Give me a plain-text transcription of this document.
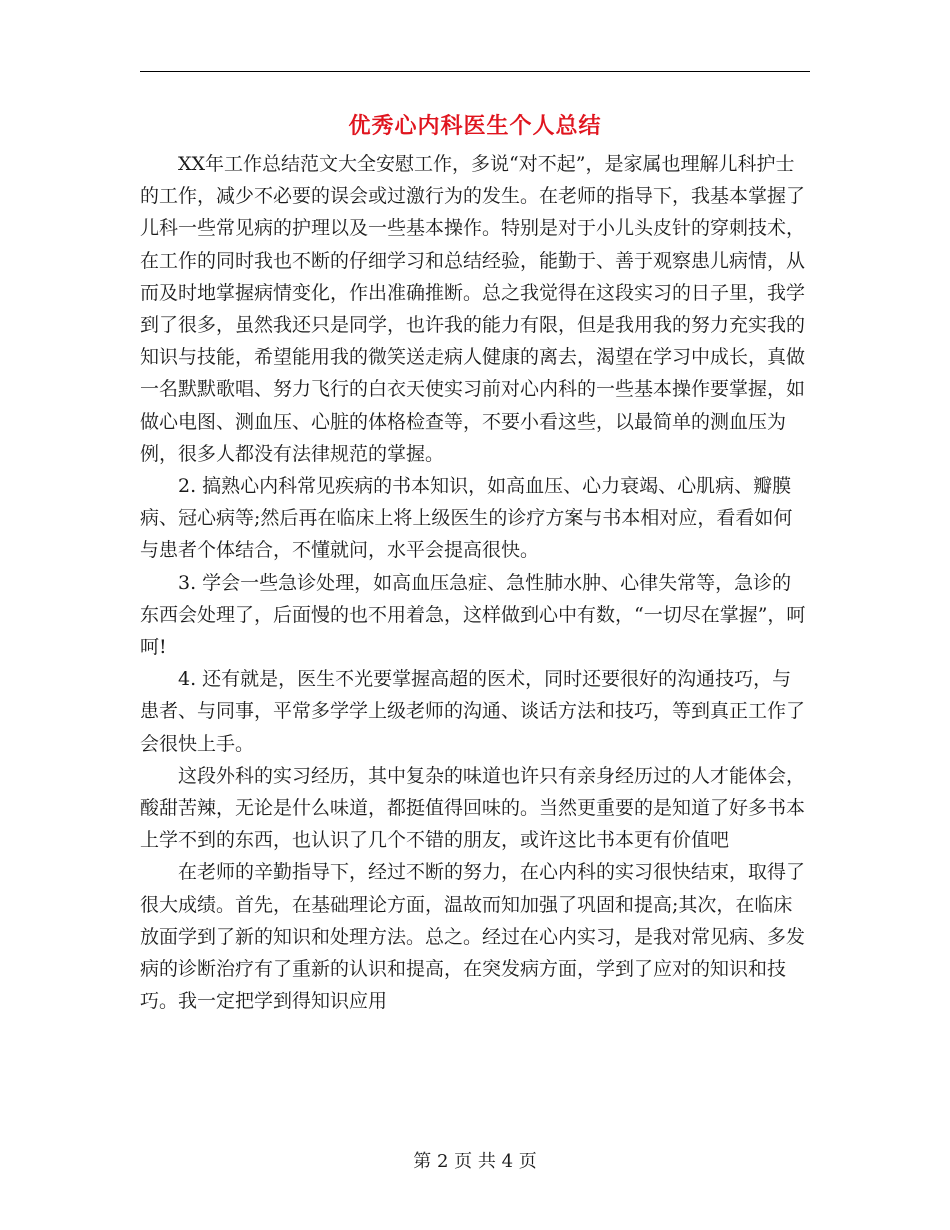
优秀心内科医生个人总结

XX年工作总结范文大全安慰工作，多说“对不起”，是家属也理解儿科护士的工作，减少不必要的误会或过激行为的发生。在老师的指导下，我基本掌握了儿科一些常见病的护理以及一些基本操作。特别是对于小儿头皮针的穿刺技术，在工作的同时我也不断的仔细学习和总结经验，能勤于、善于观察患儿病情，从而及时地掌握病情变化，作出准确推断。总之我觉得在这段实习的日子里，我学到了很多，虽然我还只是同学，也许我的能力有限，但是我用我的努力充实我的知识与技能，希望能用我的微笑送走病人健康的离去，渴望在学习中成长，真做一名默默歌唱、努力飞行的白衣天使实习前对心内科的一些基本操作要掌握，如做心电图、测血压、心脏的体格检查等，不要小看这些，以最简单的测血压为例，很多人都没有法律规范的掌握。

2. 搞熟心内科常见疾病的书本知识，如高血压、心力衰竭、心肌病、瓣膜病、冠心病等;然后再在临床上将上级医生的诊疗方案与书本相对应，看看如何与患者个体结合，不懂就问，水平会提高很快。

3. 学会一些急诊处理，如高血压急症、急性肺水肿、心律失常等，急诊的东西会处理了，后面慢的也不用着急，这样做到心中有数，“一切尽在掌握”，呵呵!

4. 还有就是，医生不光要掌握高超的医术，同时还要很好的沟通技巧，与患者、与同事，平常多学学上级老师的沟通、谈话方法和技巧，等到真正工作了会很快上手。

这段外科的实习经历，其中复杂的味道也许只有亲身经历过的人才能体会，酸甜苦辣，无论是什么味道，都挺值得回味的。当然更重要的是知道了好多书本上学不到的东西，也认识了几个不错的朋友，或许这比书本更有价值吧

在老师的辛勤指导下，经过不断的努力，在心内科的实习很快结束，取得了很大成绩。首先，在基础理论方面，温故而知加强了巩固和提高;其次，在临床放面学到了新的知识和处理方法。总之。经过在心内实习，是我对常见病、多发病的诊断治疗有了重新的认识和提高，在突发病方面，学到了应对的知识和技巧。我一定把学到得知识应用

第 2 页 共 4 页
